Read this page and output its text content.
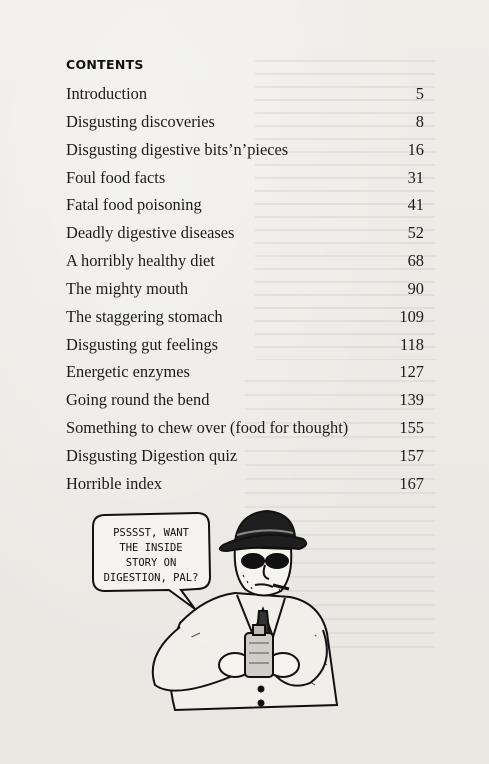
CONTENTS
Introduction	5
Disgusting discoveries	8
Disgusting digestive bits’n’pieces	16
Foul food facts	31
Fatal food poisoning	41
Deadly digestive diseases	52
A horribly healthy diet	68
The mighty mouth	90
The staggering stomach	109
Disgusting gut feelings	118
Energetic enzymes	127
Going round the bend	139
Something to chew over (food for thought)	155
Disgusting Digestion quiz	157
Horrible index	167
PSSSST, WANT
THE INSIDE
STORY ON
DIGESTION, PAL?
